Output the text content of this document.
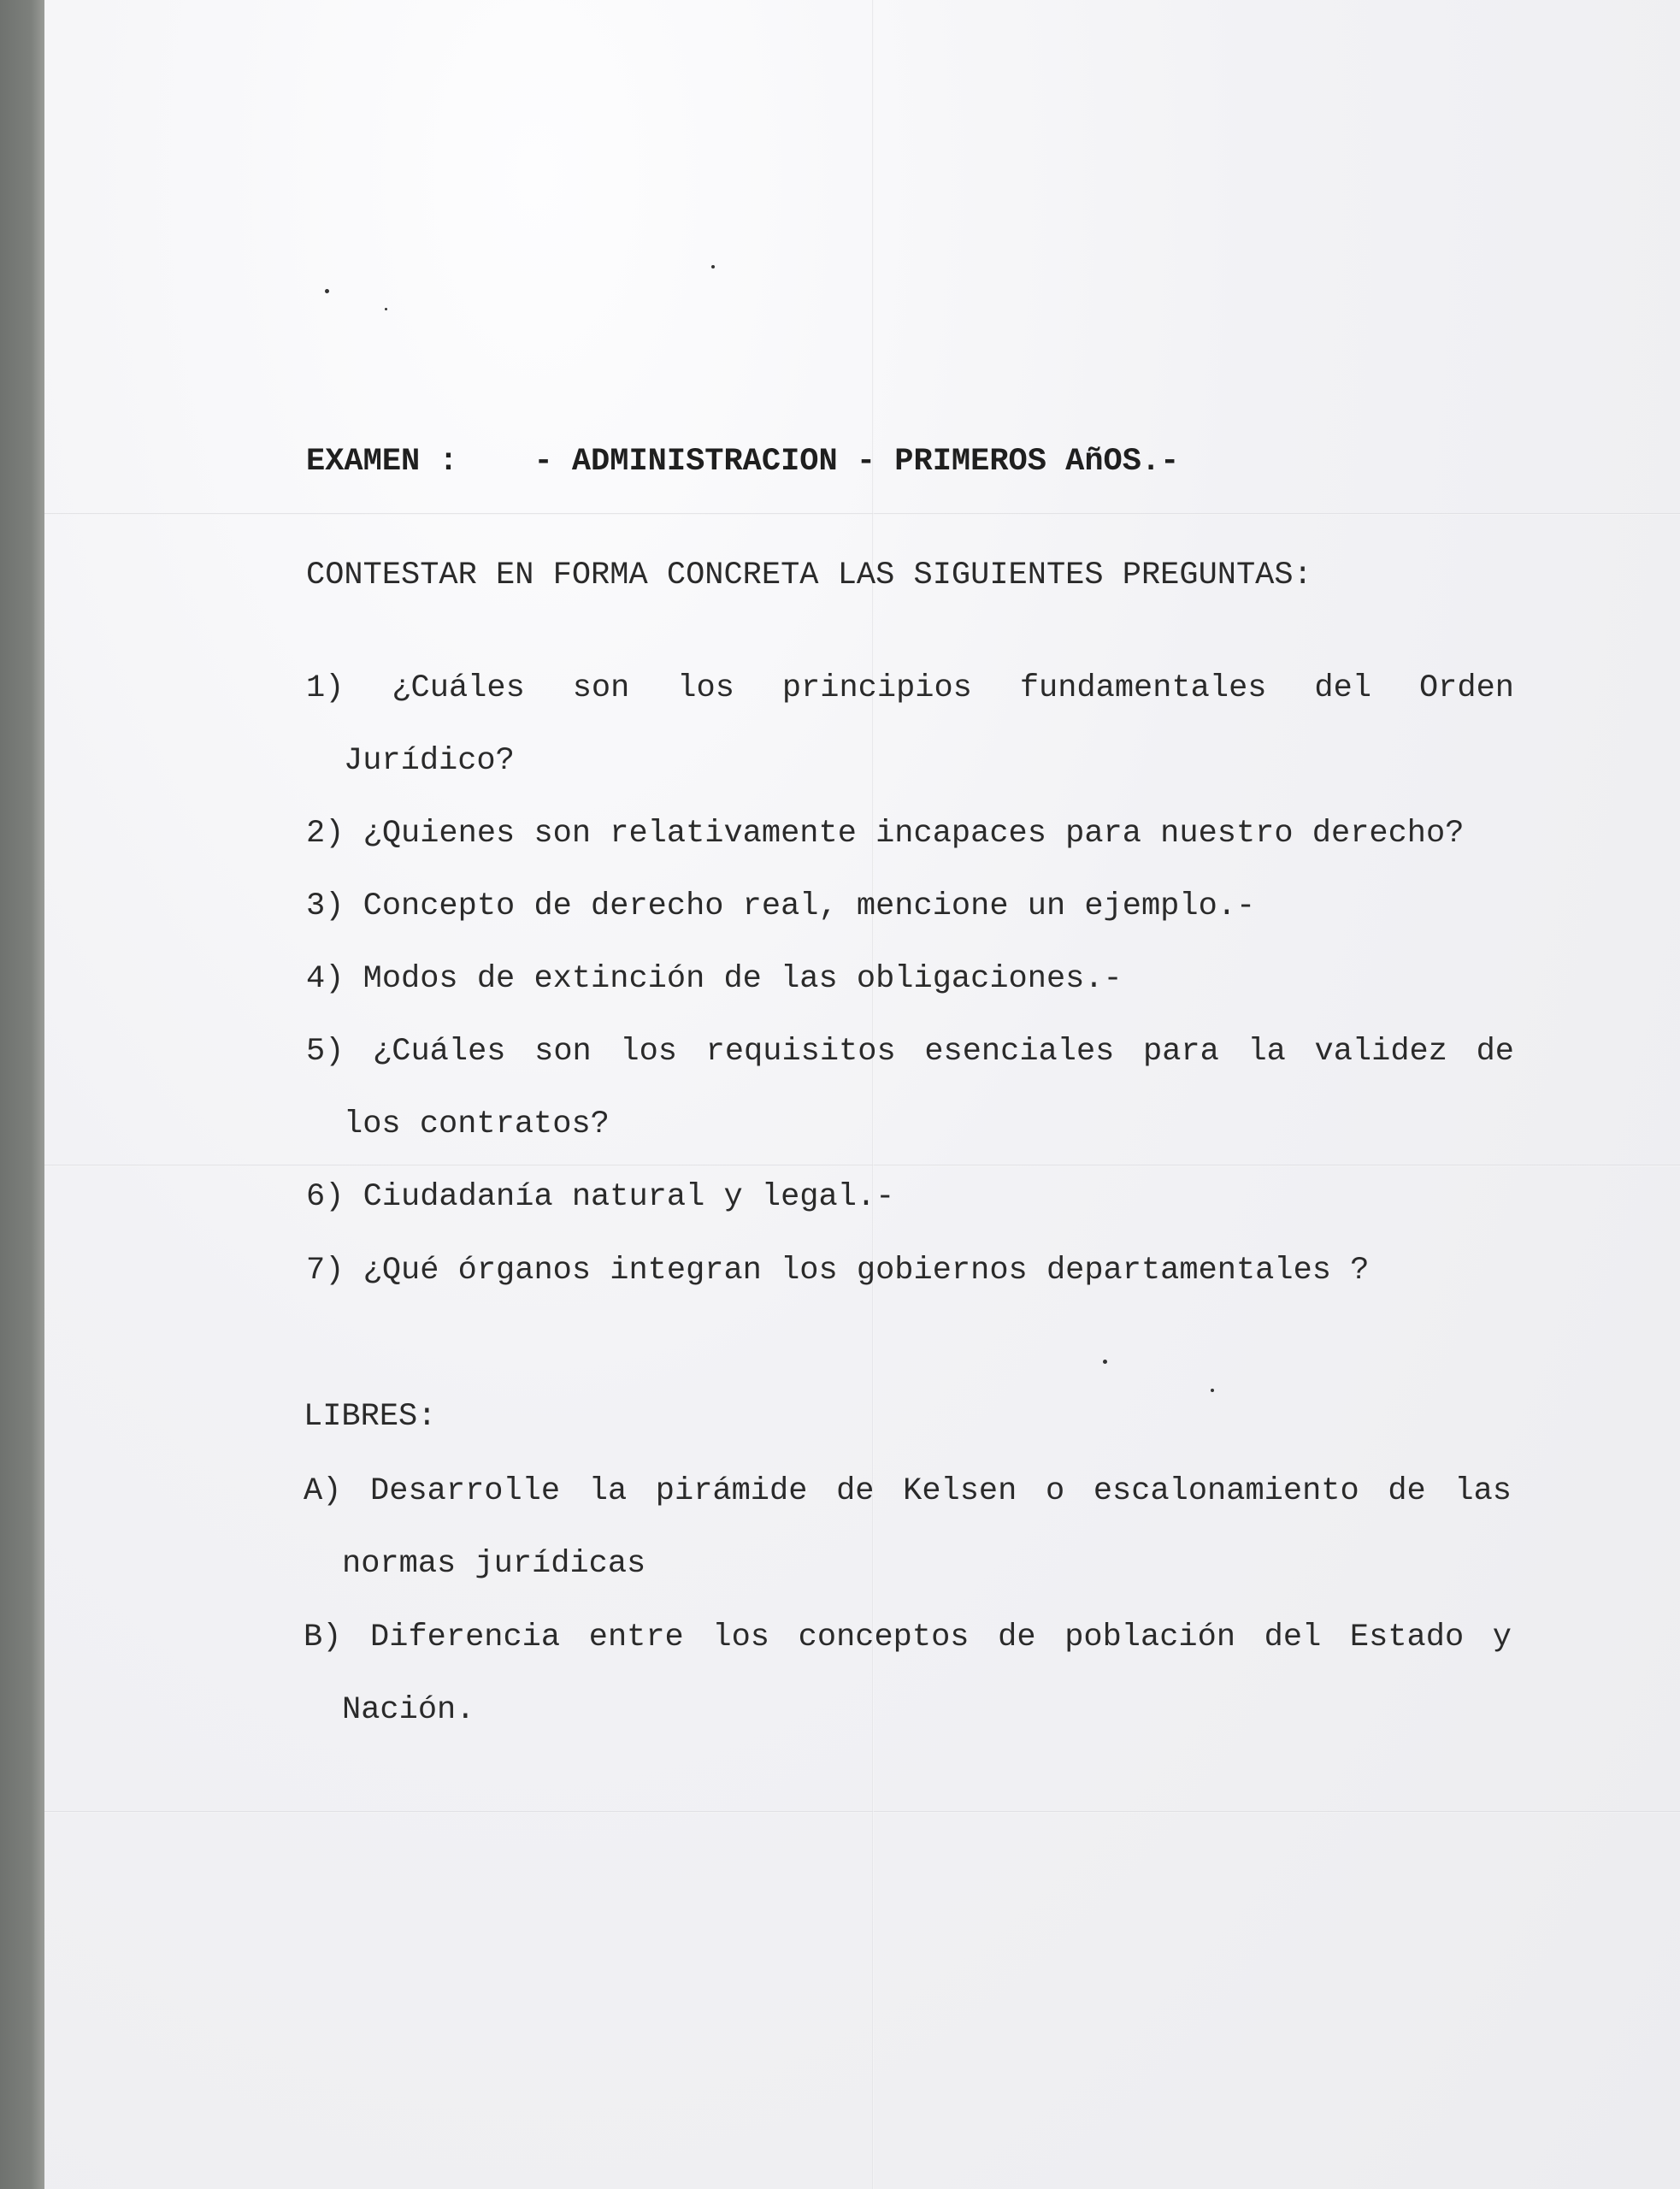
EXAMEN :    - ADMINISTRACION - PRIMEROS AñOS.-

CONTESTAR EN FORMA CONCRETA LAS SIGUIENTES PREGUNTAS:

1) ¿Cuáles son los principios fundamentales del Orden

Jurídico?

2) ¿Quienes son relativamente incapaces para nuestro derecho?

3) Concepto de derecho real, mencione un ejemplo.-

4) Modos de extinción de las obligaciones.-

5) ¿Cuáles son los requisitos esenciales para la validez de

los contratos?

6) Ciudadanía natural y legal.-

7) ¿Qué órganos integran los gobiernos departamentales ?

LIBRES:

A) Desarrolle la pirámide de Kelsen o escalonamiento de las

normas jurídicas

B) Diferencia entre los conceptos de población del Estado y

Nación.
